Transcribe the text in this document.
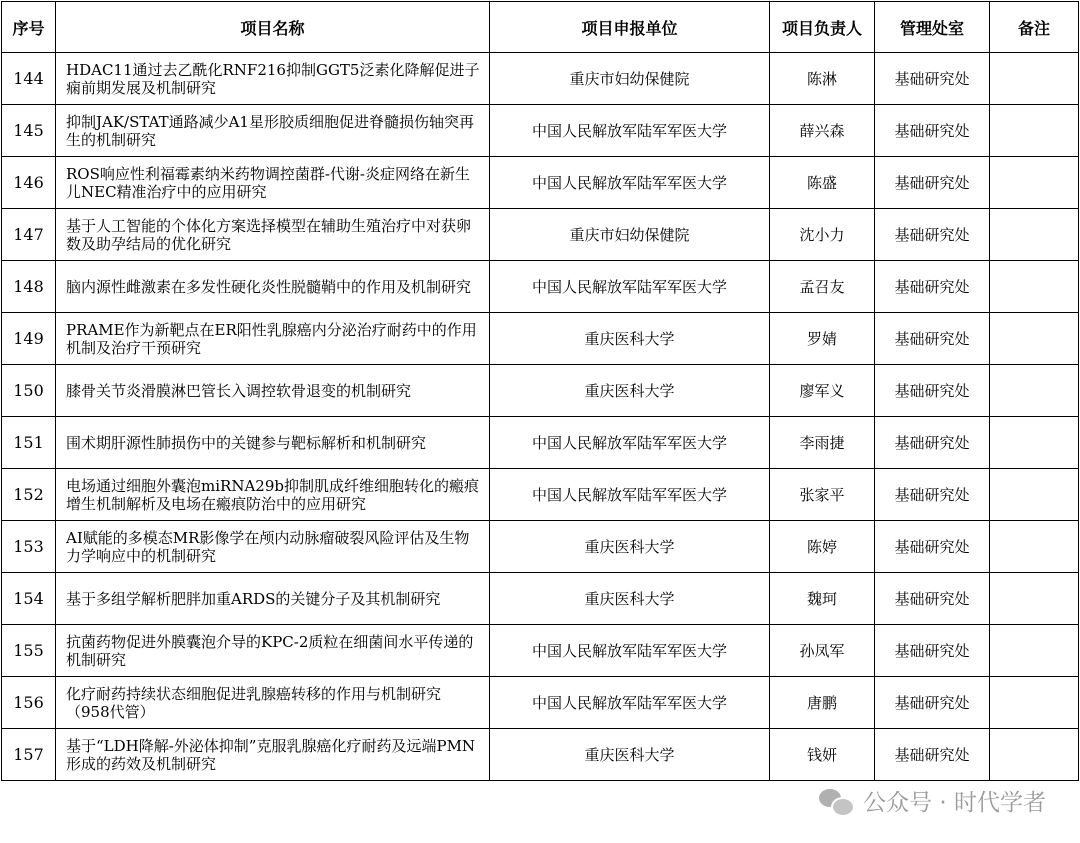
序号	项目名称	项目申报单位	项目负责人	管理处室	备注
144	HDAC11通过去乙酰化RNF216抑制GGT5泛素化降解促进子痫前期发展及机制研究	重庆市妇幼保健院	陈淋	基础研究处	
145	抑制JAK/STAT通路减少A1星形胶质细胞促进脊髓损伤轴突再生的机制研究	中国人民解放军陆军军医大学	薛兴森	基础研究处	
146	ROS响应性利福霉素纳米药物调控菌群-代谢-炎症网络在新生儿NEC精准治疗中的应用研究	中国人民解放军陆军军医大学	陈盛	基础研究处	
147	基于人工智能的个体化方案选择模型在辅助生殖治疗中对获卵数及助孕结局的优化研究	重庆市妇幼保健院	沈小力	基础研究处	
148	脑内源性雌激素在多发性硬化炎性脱髓鞘中的作用及机制研究	中国人民解放军陆军军医大学	孟召友	基础研究处	
149	PRAME作为新靶点在ER阳性乳腺癌内分泌治疗耐药中的作用机制及治疗干预研究	重庆医科大学	罗婧	基础研究处	
150	膝骨关节炎滑膜淋巴管长入调控软骨退变的机制研究	重庆医科大学	廖军义	基础研究处	
151	围术期肝源性肺损伤中的关键参与靶标解析和机制研究	中国人民解放军陆军军医大学	李雨捷	基础研究处	
152	电场通过细胞外囊泡miRNA29b抑制肌成纤维细胞转化的瘢痕增生机制解析及电场在瘢痕防治中的应用研究	中国人民解放军陆军军医大学	张家平	基础研究处	
153	AI赋能的多模态MR影像学在颅内动脉瘤破裂风险评估及生物力学响应中的机制研究	重庆医科大学	陈婷	基础研究处	
154	基于多组学解析肥胖加重ARDS的关键分子及其机制研究	重庆医科大学	魏珂	基础研究处	
155	抗菌药物促进外膜囊泡介导的KPC-2质粒在细菌间水平传递的机制研究	中国人民解放军陆军军医大学	孙凤军	基础研究处	
156	化疗耐药持续状态细胞促进乳腺癌转移的作用与机制研究（958代管）	中国人民解放军陆军军医大学	唐鹏	基础研究处	
157	基于“LDH降解-外泌体抑制”克服乳腺癌化疗耐药及远端PMN形成的药效及机制研究	重庆医科大学	钱妍	基础研究处	
公众号 · 时代学者
